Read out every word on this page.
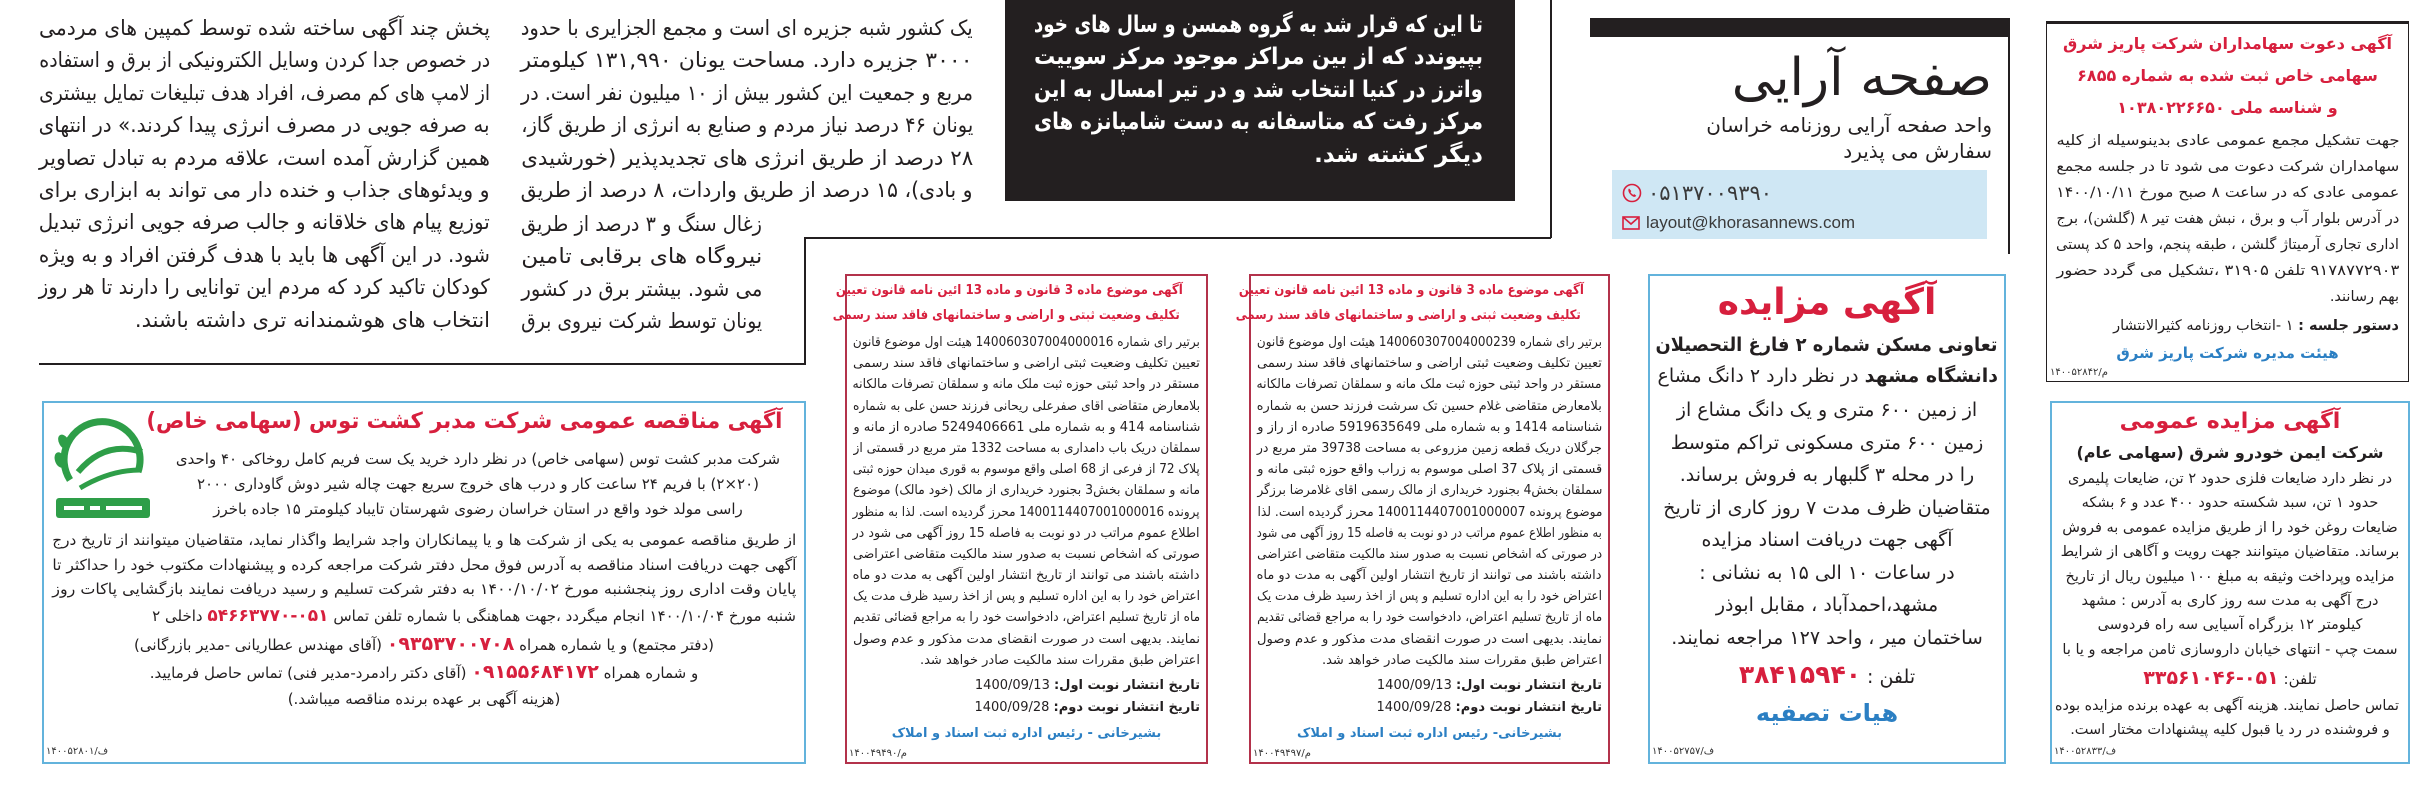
پخش چند آگهی ساخته شده توسط کمپین های مردمی
در خصوص جدا کردن وسایل الکترونیکی از برق و استفاده
از لامپ های کم مصرف، افراد هدف تبلیغات تمایل بیشتری
به صرفه جویی در مصرف انرژی پیدا کردند.» در انتهای
همین گزارش آمده است، علاقه مردم به تبادل تصاویر
و ویدئوهای جذاب و خنده دار می تواند به ابزاری برای
توزیع پیام های خلاقانه و جالب صرفه جویی انرژی تبدیل
شود. در این آگهی ها باید با هدف گرفتن افراد و به ویژه
کودکان تاکید کرد که مردم این توانایی را دارند تا هر روز
انتخاب های هوشمندانه تری داشته باشند.
یک کشور شبه جزیره ای است و مجمع الجزایری با حدود
۳۰۰۰ جزیره دارد. مساحت یونان ۱۳۱,۹۹۰ کیلومتر
مربع و جمعیت این کشور بیش از ۱۰ میلیون نفر است. در
یونان ۴۶ درصد نیاز مردم و صنایع به انرژی از طریق گاز،
۲۸ درصد از طریق انرژی های تجدیدپذیر (خورشیدی
و بادی)، ۱۵ درصد از طریق واردات، ۸ درصد از طریق
زغال سنگ و ۳ درصد از طریق
نیروگاه های برقابی تامین
می شود. بیشتر برق در کشور
یونان توسط شرکت نیروی برق
تا این که قرار شد به گروه همسن و سال های خود
بپیوندد که از بین مراکز موجود مرکز سوییت
واترز در کنیا انتخاب شد و در تیر امسال به این
مرکز رفت که متاسفانه به دست شامپانزه های
دیگر کشته شد.
صفحه آرایی
واحد صفحه آرایی روزنامه خراسان
سفارش می پذیرد
۰۵۱۳۷۰۰۹۳۹۰
layout@khorasannews.com
آگهی دعوت سهامداران شرکت پاریز شرق
سهامی خاص ثبت شده به شماره ۶۸۵۵
و شناسه ملی ۱۰۳۸۰۲۲۶۶۵۰
جهت تشکیل مجمع عمومی عادی بدینوسیله از کلیه
سهامداران شرکت دعوت می شود تا در جلسه مجمع
عمومی عادی که در ساعت ۸ صبح مورخ ۱۴۰۰/۱۰/۱۱
در آدرس بلوار آب و برق ، نبش هفت تیر ۸ (گلشن)، برج
اداری تجاری آرمیتاژ گلشن ، طبقه پنجم، واحد ۵ کد پستی
۹۱۷۸۷۷۲۹۰۳ تلفن ۳۱۹۰۵ ،تشکیل می گردد حضور
بهم رسانند.
دستور جلسه : ۱ -انتخاب روزنامه کثیرالانتشار
هیئت مدیره شرکت پاریز شرق
م/۱۴۰۰۵۲۸۴۲
آگهی مزایده عمومی
شرکت ایمن خودرو شرق (سهامی عام)
در نظر دارد ضایعات فلزی حدود ۲ تن، ضایعات پلیمری
حدود ۱ تن، سبد شکسته حدود ۴۰۰ عدد و ۶ بشکه
ضایعات روغن خود را از طریق مزایده عمومی به فروش
برساند. متقاضیان میتوانند جهت رویت و آگاهی از شرایط
مزایده وپرداخت وثیقه به مبلغ ۱۰۰ میلیون ریال از تاریخ
درج آگهی به مدت سه روز کاری به آدرس : مشهد
کیلومتر ۱۲ بزرگراه آسیایی سه راه فردوسی
سمت چپ - انتهای خیابان داروسازی ثامن مراجعه و یا با
تلفن: ۰۵۱-۳۳۵۶۱۰۴۶
تماس حاصل نمایند. هزینه آگهی به عهده برنده مزایده بوده
و فروشنده در رد یا قبول کلیه پیشنهادات مختار است.
ف/۱۴۰۰۵۲۸۳۳
آگهی مزایده
تعاونی مسکن شماره ۲ فارغ التحصیلان
دانشگاه مشهد در نظر دارد ۲ دانگ مشاع
از زمین ۶۰۰ متری و یک دانگ مشاع از
زمین ۶۰۰ متری مسکونی تراکم متوسط
را در محله ۳ گلبهار به فروش برساند.
متقاضیان ظرف مدت ۷ روز کاری از تاریخ
آگهی جهت دریافت اسناد مزایده
در ساعات ۱۰ الی ۱۵ به نشانی :
مشهد،احمدآباد ، مقابل ابوذر
ساختمان میر ، واحد ۱۲۷ مراجعه نمایند.
تلفن : ۳۸۴۱۵۹۴۰
هیات تصفیه
ف/۱۴۰۰۵۲۷۵۷
آگهی موضوع ماده 3 قانون و ماده 13 ائین نامه قانون تعیین
تکلیف وضعیت ثبتی و اراضی و ساختمانهای فاقد سند رسمی
برتیر رای شماره 140060307004000239 هیئت اول موضوع قانون
تعیین تکلیف وضعیت ثبتی اراضی و ساختمانهای فاقد سند رسمی
مستقر در واحد ثبتی حوزه ثبت ملک مانه و سملقان تصرفات مالکانه
بلامعارض متقاضی غلام حسین تک سرشت فرزند حسن به شماره
شناسنامه 1414 و به شماره ملی 5919635649 صادره از راز و
جرگلان دریک قطعه زمین مزروعی به مساحت 39738 متر مربع در
قسمتی از پلاک 37 اصلی موسوم به زراب واقع حوزه ثبتی مانه و
سملقان بخش4 بجنورد خریداری از مالک رسمی اقای غلامرضا برزگر
موضوع پرونده 1400114407001000007 محرز گردیده است. لذا
به منظور اطلاع عموم مراتب در دو نوبت به فاصله 15 روز آگهی می شود
در صورتی که اشخاص نسبت به صدور سند مالکیت متقاضی اعتراضی
داشته باشند می توانند از تاریخ انتشار اولین آگهی به مدت دو ماه
اعتراض خود را به این اداره تسلیم و پس از اخذ رسید ظرف مدت یک
ماه از تاریخ تسلیم اعتراض، دادخواست خود را به مراجع قضائی تقدیم
نمایند. بدیهی است در صورت انقضای مدت مذکور و عدم وصول
اعتراض طبق مقررات سند مالکیت صادر خواهد شد.
تاریخ انتشار نوبت اول: 1400/09/13
تاریخ انتشار نوبت دوم: 1400/09/28
بشیرخانی- رئیس اداره ثبت اسناد و املاک
م/۱۴۰۰۴۹۴۹۷
آگهی موضوع ماده 3 قانون و ماده 13 ائین نامه قانون تعیین
تکلیف وضعیت ثبتی و اراضی و ساختمانهای فاقد سند رسمی
برتیر رای شماره 140060307004000016 هیئت اول موضوع قانون
تعیین تکلیف وضعیت ثبتی اراضی و ساختمانهای فاقد سند رسمی
مستقر در واحد ثبتی حوزه ثبت ملک مانه و سملقان تصرفات مالکانه
بلامعارض متقاضی اقای صفرعلی ریحانی فرزند حسن علی به شماره
شناسنامه 414 و به شماره ملی 5249406661 صادره از مانه و
سملقان دریک باب دامداری به مساحت 1332 متر مربع در قسمتی از
پلاک 72 از فرعی از 68 اصلی واقع موسوم به قوری میدان حوزه ثبتی
مانه و سملقان بخش3 بجنورد خریداری از مالک (خود مالک) موضوع
پرونده 1400114407001000016 محرز گردیده است. لذا به منظور
اطلاع عموم مراتب در دو نوبت به فاصله 15 روز آگهی می شود در
صورتی که اشخاص نسبت به صدور سند مالکیت متقاضی اعتراضی
داشته باشند می توانند از تاریخ انتشار اولین آگهی به مدت دو ماه
اعتراض خود را به این اداره تسلیم و پس از اخذ رسید ظرف مدت یک
ماه از تاریخ تسلیم اعتراض، دادخواست خود را به مراجع قضائی تقدیم
نمایند. بدیهی است در صورت انقضای مدت مذکور و عدم وصول
اعتراض طبق مقررات سند مالکیت صادر خواهد شد.
تاریخ انتشار نوبت اول: 1400/09/13
تاریخ انتشار نوبت دوم: 1400/09/28
بشیرخانی - رئیس اداره ثبت اسناد و املاک
م/۱۴۰۰۴۹۴۹۰
آگهی مناقصه عمومی شرکت مدبر کشت توس (سهامی خاص)
شرکت مدبر کشت توس (سهامی خاص) در نظر دارد خرید یک ست فریم کامل روخاکی ۴۰ واحدی
(۲۰×۲) با فریم ۲۴ ساعت کار و درب های خروج سریع جهت چاله شیر دوش گاوداری ۲۰۰۰
راسی مولد خود واقع در استان خراسان رضوی شهرستان تایباد کیلومتر ۱۵ جاده باخرز
از طریق مناقصه عمومی به یکی از شرکت ها و یا پیمانکاران واجد شرایط واگذار نماید، متقاضیان میتوانند از تاریخ درج
آگهی جهت دریافت اسناد مناقصه به آدرس فوق محل دفتر شرکت مراجعه کرده و پیشنهادات مکتوب خود را حداکثر تا
پایان وقت اداری روز پنجشنبه مورخ ۱۴۰۰/۱۰/۰۲ به دفتر شرکت تسلیم و رسید دریافت نمایند بازگشایی پاکات روز
شنبه مورخ ۱۴۰۰/۱۰/۰۴ انجام میگردد ،جهت هماهنگی با شماره تلفن تماس ۰۵۱-۵۴۶۶۳۷۷۰ داخلی ۲
(دفتر مجتمع) و یا شماره همراه ۰۹۳۵۳۷۰۰۷۰۸ (آقای مهندس عطاریانی -مدیر بازرگانی)
و شماره همراه ۰۹۱۵۵۶۸۴۱۷۲ (آقای دکتر رادمرد-مدیر فنی) تماس حاصل فرمایید.
(هزینه آگهی بر عهده برنده مناقصه میباشد.)
ف/۱۴۰۰۵۲۸۰۱
